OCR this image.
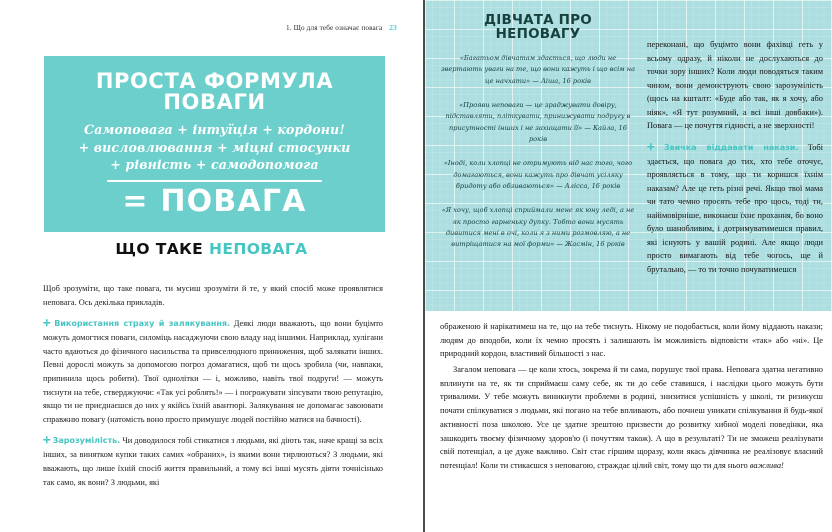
1. Що для тебе означає повага 23
ПРОСТА ФОРМУЛА ПОВАГИ
Самоповага + інтуїція + кордони!
+ висловлювання + міцні стосунки
+ рівність + самодопомога
= ПОВАГА
ЩО ТАКЕ НЕПОВАГА

Щоб зрозуміти, що таке повага, ти мусиш зрозуміти й те, у який спосіб може проявлятися неповага. Ось декілька прикладів.

✛ Використання страху й залякування. Деякі люди вважають, що вони буцімто можуть домогтися поваги, силоміць насаджуючи свою владу над іншими. Наприклад, хулігани часто вдаються до фізичного насильства та привселюдного приниження, щоб залякати інших. Певні дорослі можуть за допомогою погроз домагатися, щоб ти щось зробила (чи, навпаки, припинила щось робити). Твої однолітки — і, можливо, навіть твої подруги! — можуть тиснути на тебе, стверджуючи: «Так усі роблять!» — і погрожувати зіпсувати твою репутацію, якщо ти не приєднаєшся до них у якійсь їхній авантюрі. Залякування не допомагає завоювати справжню повагу (натомість воно просто примушує людей постійно матися на бачності).

✛ Зарозумілість. Чи доводилося тобі стикатися з людьми, які діють так, наче кращі за всіх інших, за винятком купки таких самих «обраних», із якими вони тирлюються? З людьми, які вважають, що лише їхній спосіб життя правильний, а тому всі інші мусять діяти точнісінько так само, як вони? З людьми, які

ДІВЧАТА ПРО НЕПОВАГУ
«Багатьом дівчатам здається, що люди не звертають уваги на те, що вони кажуть і що всім на це начхати» — Аіша, 16 років
«Прояви неповаги — це зраджувати довіру, підставляти, пліткувати, принижувати подругу в присутності інших і не захищати її» — Кайла, 16 років
«Іноді, коли хлопці не отримують від нас того, чого домагаються, вони кажуть про дівчат усіляку бридоту або обзиваються» — Алісса, 16 років
«Я хочу, щоб хлопці сприймали мене як юну леді, а не як просто гарненьку дупку. Тобто вони мусять дивитися мені в очі, коли я з ними розмовляю, а не витріщатися на мої форми» — Жасмін, 16 років

переконані, що буцімто вони фахівці геть у всьому одразу, й ніколи не дослухаються до точки зору інших? Коли люди поводяться таким чином, вони демонструють свою зарозумілість (щось на кшталт: «Буде або так, як я хочу, або ніяк», «Я тут розумний, а всі інші довбаки»). Повага — це почуття гідності, а не зверхності!

✛ Звичка віддавати накази. Тобі здається, що повага до тих, хто тебе оточує, проявляється в тому, що ти коришся їхнім наказам? Але це геть різні речі. Якщо твої мама чи тато чемно просять тебе про щось, тоді ти, найімовірніше, виконаєш їхнє прохання, бо воно було шанобливим, і дотримуватимешся правил, які існують у вашій родині. Але якщо люди просто вимагають від тебе чогось, ще й брутально, — то ти точно почуватимешся

ображеною й нарікатимеш на те, що на тебе тиснуть. Нікому не подобається, коли йому віддають накази; людям до вподоби, коли їх чемно просять і залишають їм можливість відповісти «так» або «ні». Це природний кордон, властивий більшості з нас.

Загалом неповага — це коли хтось, зокрема й ти сама, порушує твої права. Неповага здатна негативно вплинути на те, як ти сприймаєш саму себе, як ти до себе ставишся, і наслідки цього можуть бути тривалими. У тебе можуть виникнути проблеми в родині, знизитися успішність у школі, ти ризикуєш почати спілкуватися з людьми, які погано на тебе впливають, або почнеш уникати спілкування й будь-якої активності поза школою. Усе це здатне зрештою призвести до розвитку хибної моделі поведінки, яка зашкодить твоєму фізичному здоров'ю (і почуттям також). А що в результаті? Ти не зможеш реалізувати свій потенціал, а це дуже важливо. Світ стає гіршим щоразу, коли якась дівчинка не реалізовує власний потенціал! Коли ти стикаєшся з неповагою, страждає цілий світ, тому що ти для нього важлива!
